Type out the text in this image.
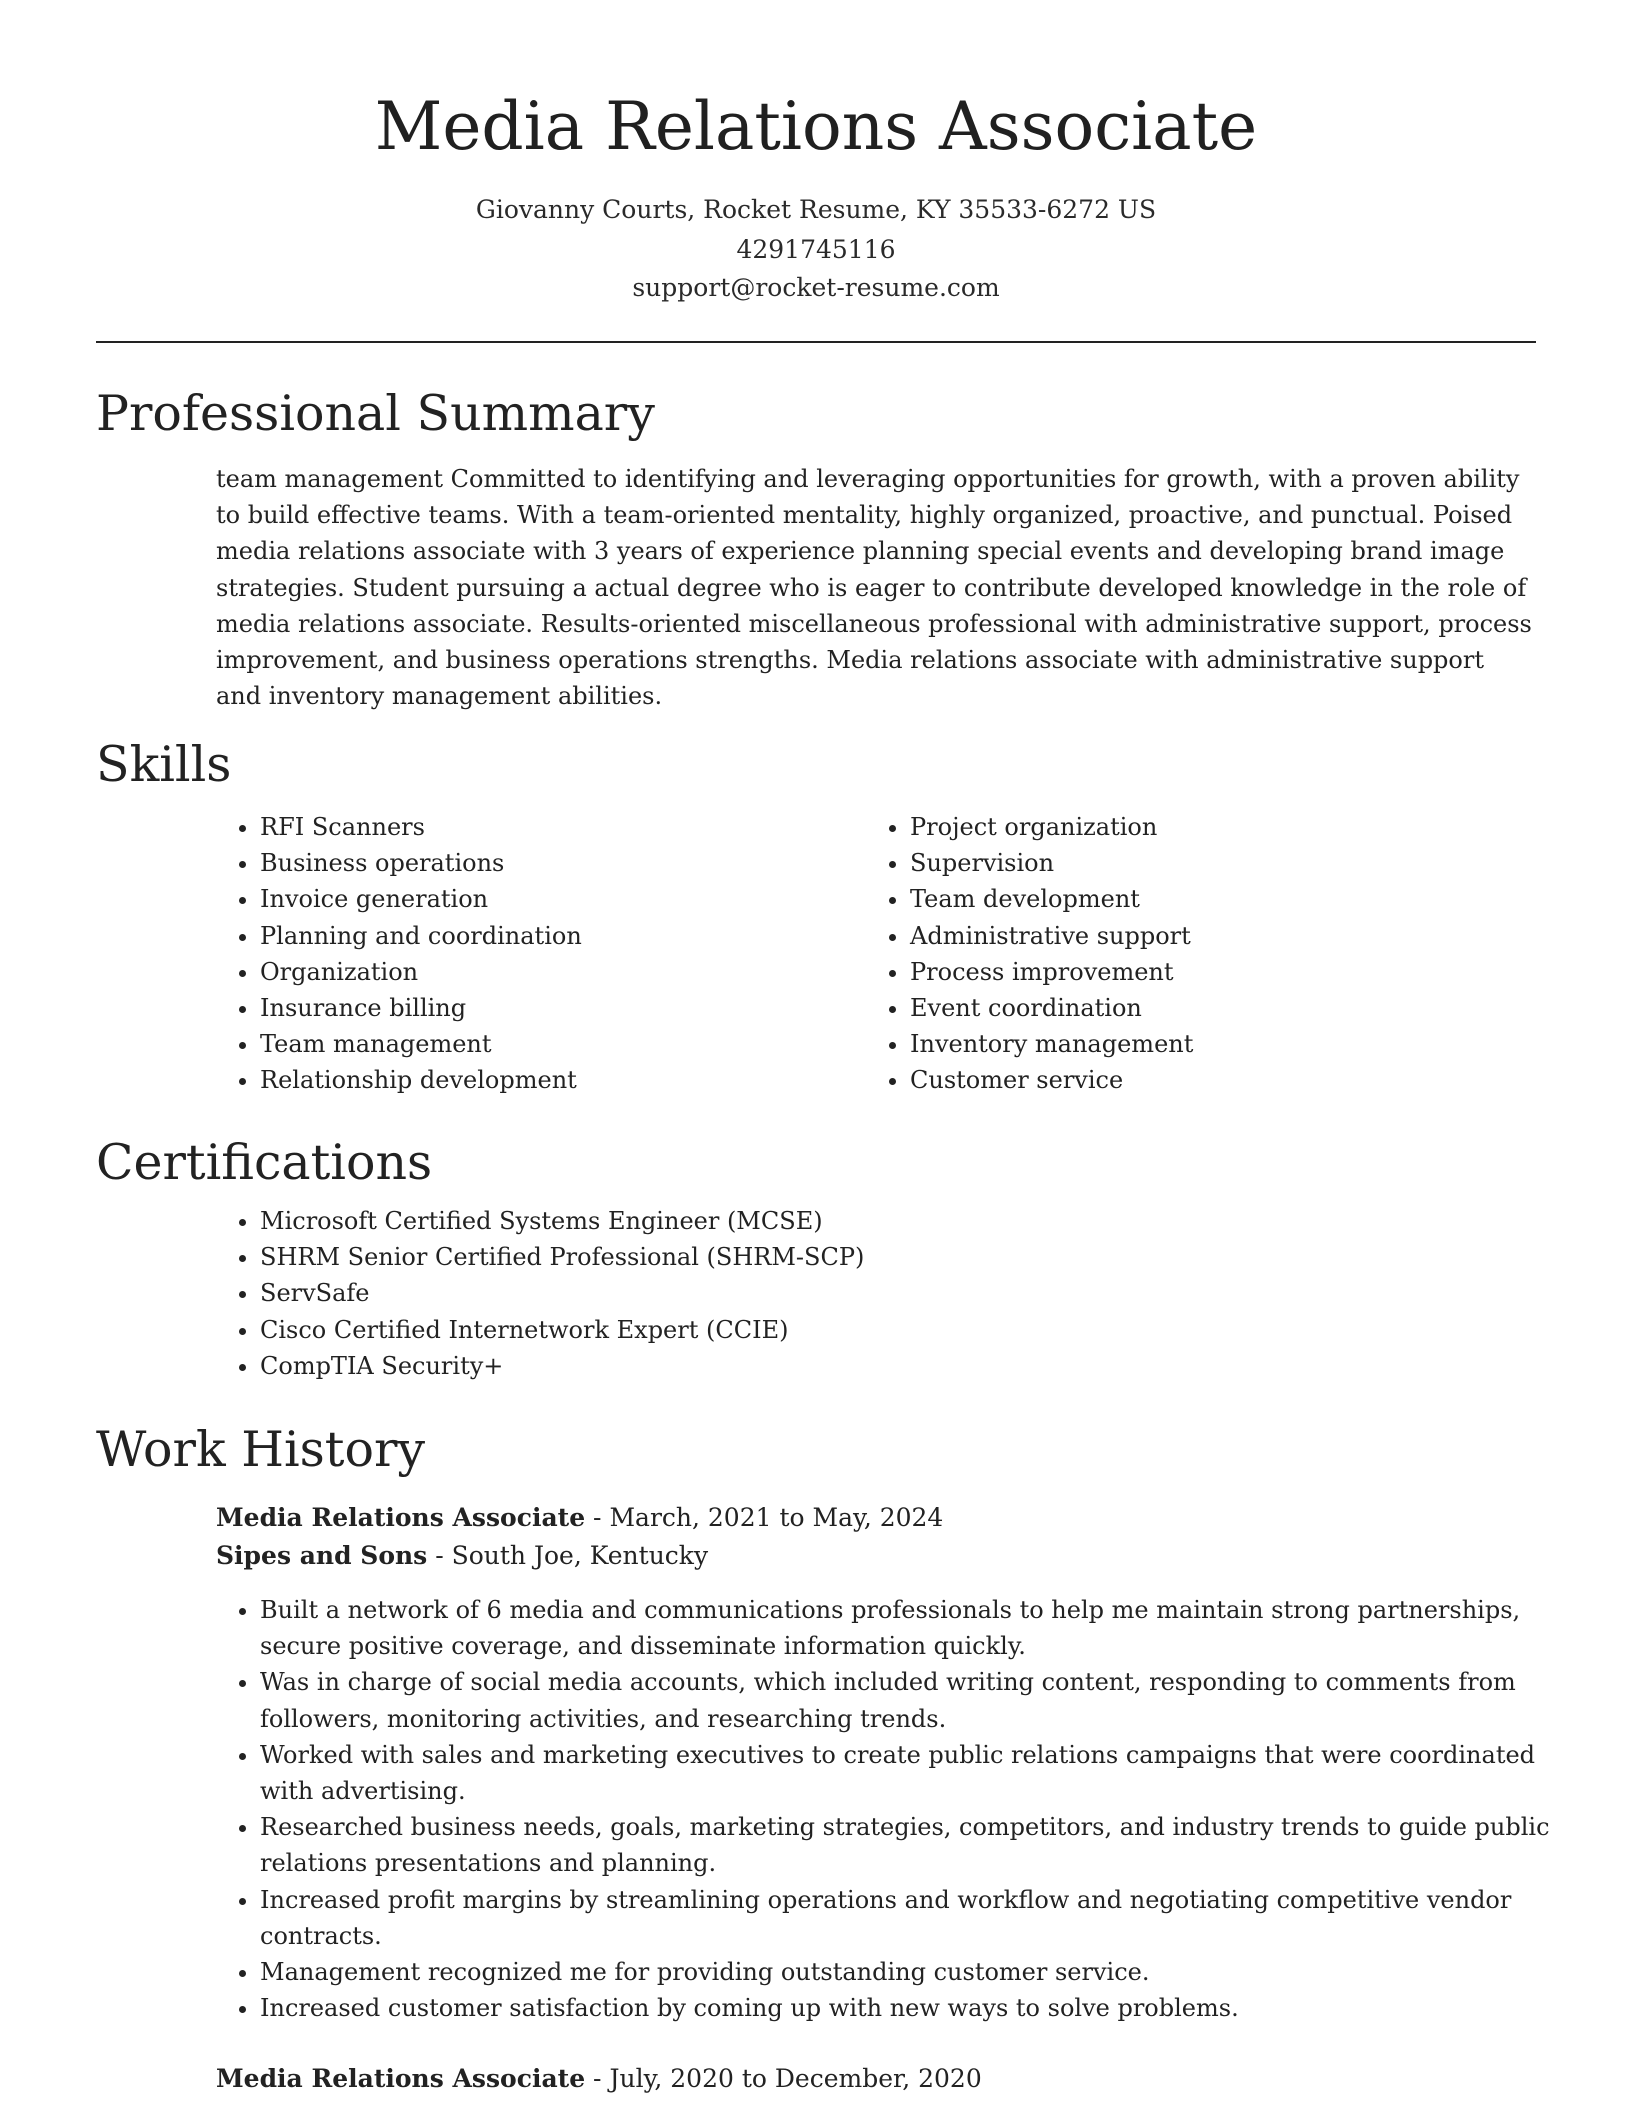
Media Relations Associate
Giovanny Courts, Rocket Resume, KY 35533-6272 US
4291745116
support@rocket-resume.com
Professional Summary

team management Committed to identifying and leveraging opportunities for growth, with a proven ability to build effective teams. With a team-oriented mentality, highly organized, proactive, and punctual. Poised media relations associate with 3 years of experience planning special events and developing brand image strategies. Student pursuing a actual degree who is eager to contribute developed knowledge in the role of media relations associate. Results-oriented miscellaneous professional with administrative support, process improvement, and business operations strengths. Media relations associate with administrative support and inventory management abilities.

Skills
• RFI Scanners
• Business operations
• Invoice generation
• Planning and coordination
• Organization
• Insurance billing
• Team management
• Relationship development
• Project organization
• Supervision
• Team development
• Administrative support
• Process improvement
• Event coordination
• Inventory management
• Customer service
Certifications
• Microsoft Certified Systems Engineer (MCSE)
• SHRM Senior Certified Professional (SHRM-SCP)
• ServSafe
• Cisco Certified Internetwork Expert (CCIE)
• CompTIA Security+
Work History
Media Relations Associate - March, 2021 to May, 2024
Sipes and Sons - South Joe, Kentucky
• Built a network of 6 media and communications professionals to help me maintain strong partnerships, secure positive coverage, and disseminate information quickly.
• Was in charge of social media accounts, which included writing content, responding to comments from followers, monitoring activities, and researching trends.
• Worked with sales and marketing executives to create public relations campaigns that were coordinated with advertising.
• Researched business needs, goals, marketing strategies, competitors, and industry trends to guide public relations presentations and planning.
• Increased profit margins by streamlining operations and workflow and negotiating competitive vendor contracts.
• Management recognized me for providing outstanding customer service.
• Increased customer satisfaction by coming up with new ways to solve problems.
Media Relations Associate - July, 2020 to December, 2020
